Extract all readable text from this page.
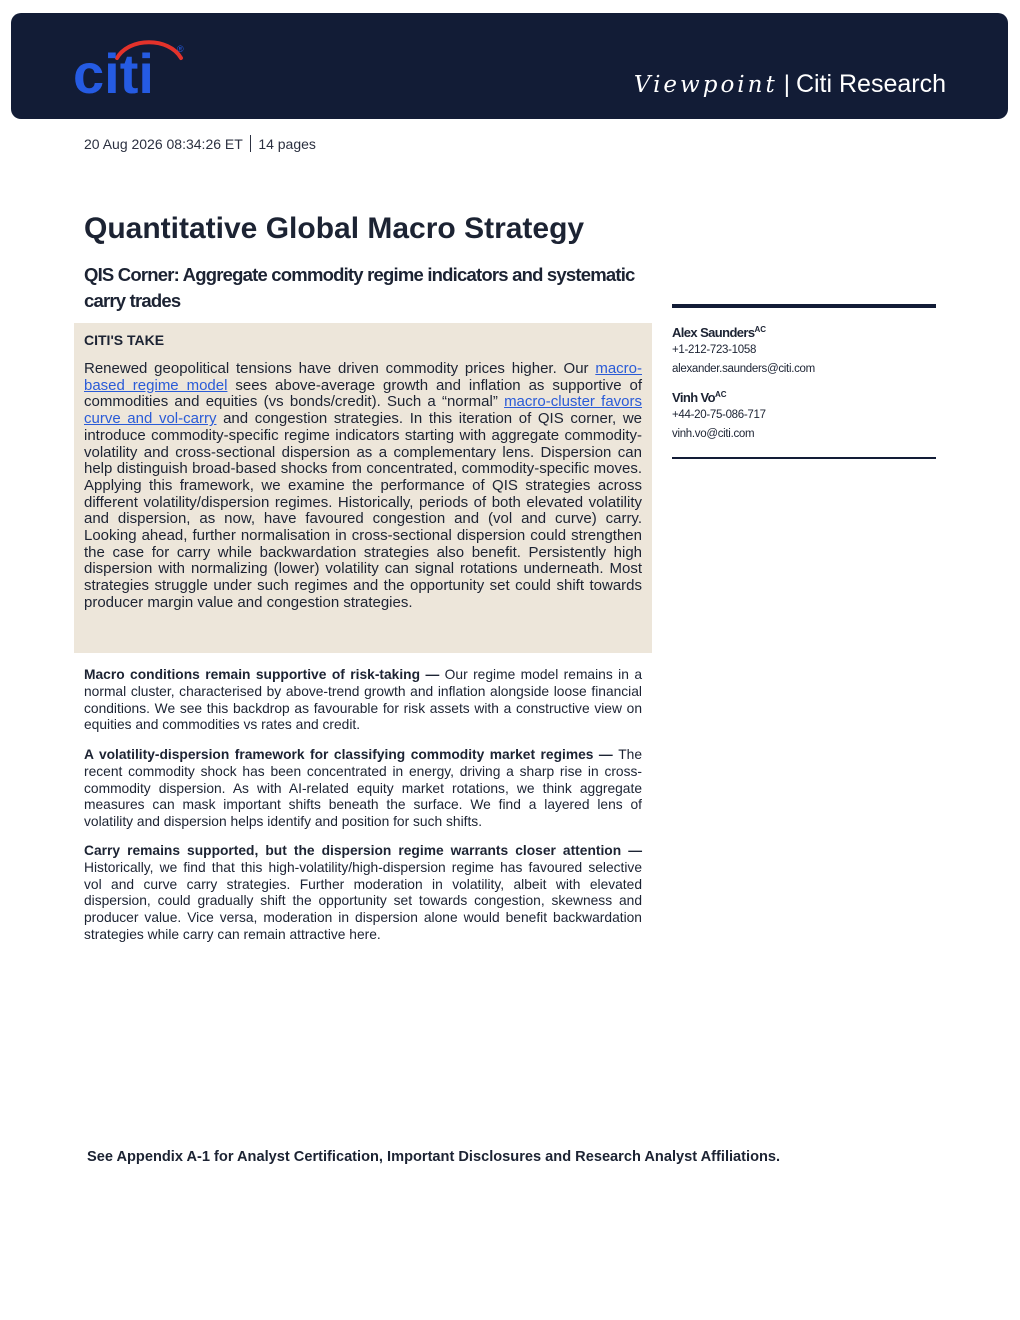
citi	®
Viewpoint | Citi Research
20 Aug 2026 08:34:26 ET 14 pages
Quantitative Global Macro Strategy
QIS Corner: Aggregate commodity regime indicators and systematic carry trades
CITI'S TAKE
Renewed geopolitical tensions have driven commodity prices higher. Our macro-based regime model sees above-average growth and inflation as supportive of commodities and equities (vs bonds/credit). Such a “normal” macro-cluster favors curve and vol-carry and congestion strategies. In this iteration of QIS corner, we introduce commodity-specific regime indicators starting with aggregate commodity-volatility and cross-sectional dispersion as a complementary lens. Dispersion can help distinguish broad-based shocks from concentrated, commodity-specific moves. Applying this framework, we examine the performance of QIS strategies across different volatility/dispersion regimes. Historically, periods of both elevated volatility and dispersion, as now, have favoured congestion and (vol and curve) carry. Looking ahead, further normalisation in cross-sectional dispersion could strengthen the case for carry while backwardation strategies also benefit. Persistently high dispersion with normalizing (lower) volatility can signal rotations underneath. Most strategies struggle under such regimes and the opportunity set could shift towards producer margin value and congestion strategies.
Macro conditions remain supportive of risk-taking — Our regime model remains in a normal cluster, characterised by above-trend growth and inflation alongside loose financial conditions. We see this backdrop as favourable for risk assets with a constructive view on equities and commodities vs rates and credit.
A volatility-dispersion framework for classifying commodity market regimes — The recent commodity shock has been concentrated in energy, driving a sharp rise in cross-commodity dispersion. As with AI-related equity market rotations, we think aggregate measures can mask important shifts beneath the surface. We find a layered lens of volatility and dispersion helps identify and position for such shifts.
Carry remains supported, but the dispersion regime warrants closer attention — Historically, we find that this high-volatility/high-dispersion regime has favoured selective vol and curve carry strategies. Further moderation in volatility, albeit with elevated dispersion, could gradually shift the opportunity set towards congestion, skewness and producer value. Vice versa, moderation in dispersion alone would benefit backwardation strategies while carry can remain attractive here.
Alex Saunders$^{AC}$
+1-212-723-1058
alexander.saunders@citi.com
Vinh $Vo^{AC}$
+44-20-75-086-717
vinh.vo@citi.com
See Appendix A-1 for Analyst Certification, Important Disclosures and Research Analyst Affiliations.
